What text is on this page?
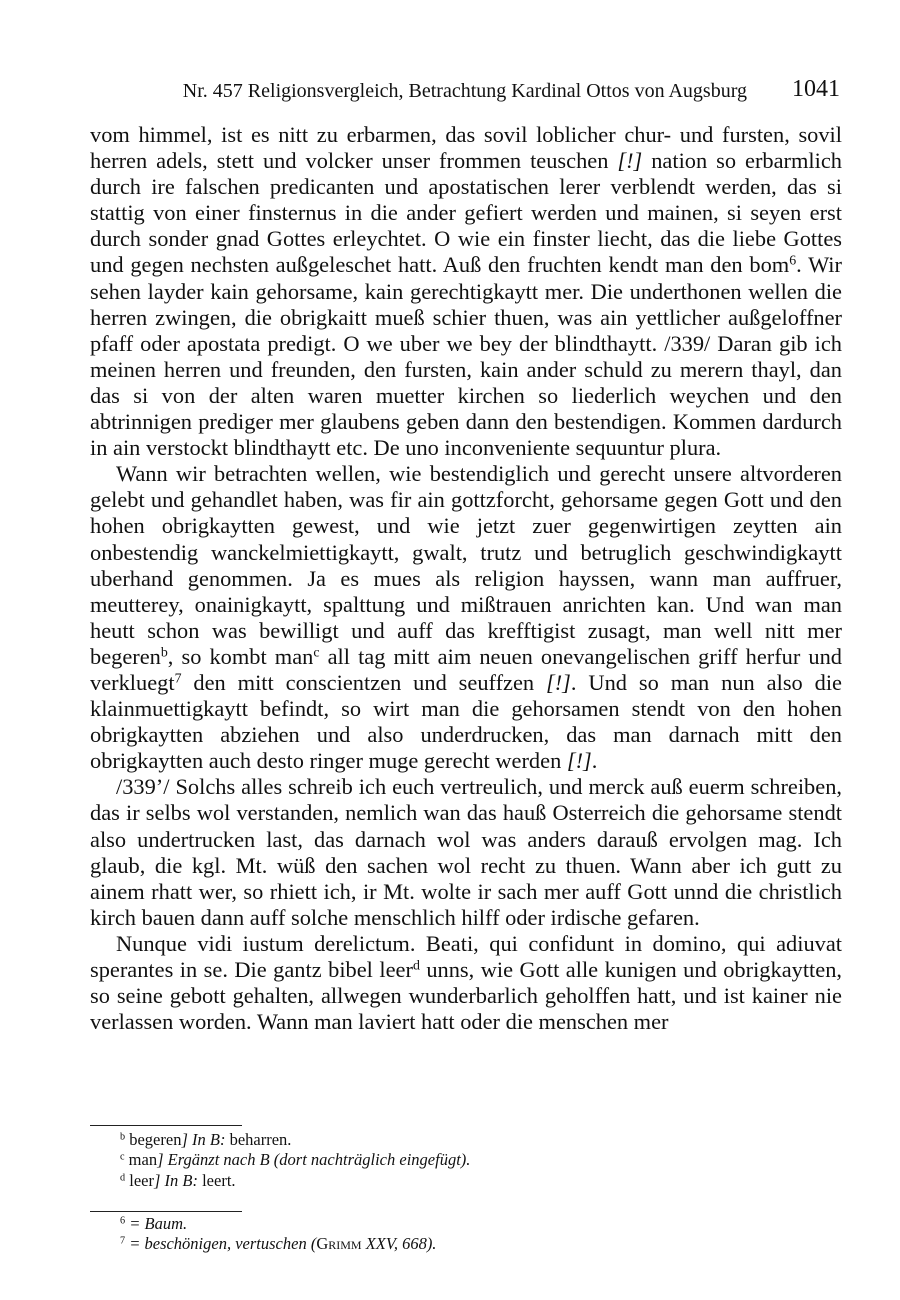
Nr. 457 Religionsvergleich, Betrachtung Kardinal Ottos von Augsburg 1041

vom himmel, ist es nitt zu erbarmen, das sovil loblicher chur- und fursten, sovil herren adels, stett und volcker unser frommen teuschen [!] nation so erbarmlich durch ire falschen predicanten und apostatischen lerer verblendt werden, das si stattig von einer finsternus in die ander gefiert werden und mainen, si seyen erst durch sonder gnad Gottes erleychtet. O wie ein finster liecht, das die liebe Gottes und gegen nechsten außgeleschet hatt. Auß den fruchten kendt man den bom$^6$. Wir sehen layder kain gehorsame, kain gerechtigkaytt mer. Die underthonen wellen die herren zwingen, die obrigkaitt mueß schier thuen, was ain yettlicher außgeloffner pfaff oder apostata predigt. O we uber we bey der blindthaytt. /339/ Daran gib ich meinen herren und freunden, den fursten, kain ander schuld zu merern thayl, dan das si von der alten waren muetter kirchen so liederlich weychen und den abtrinnigen prediger mer glaubens geben dann den bestendigen. Kommen dardurch in ain verstockt blindthaytt etc. De uno inconveniente sequuntur plura.

Wann wir betrachten wellen, wie bestendiglich und gerecht unsere altvorderen gelebt und gehandlet haben, was fir ain gottzforcht, gehorsame gegen Gott und den hohen obrigkaytten gewest, und wie jetzt zuer gegenwirtigen zeytten ain onbestendig wanckelmiettigkaytt, gwalt, trutz und betruglich geschwindigkaytt uberhand genommen. Ja es mues als religion hayssen, wann man auffruer, meutterey, onainigkaytt, spalttung und mißtrauen anrichten kan. Und wan man heutt schon was bewilligt und auff das krefftigist zusagt, man well nitt mer begeren$^b$, so kombt man$^c$ all tag mitt aim neuen onevangelischen griff herfur und verkluegt$^7$ den mitt conscientzen und seuffzen [!]. Und so man nun also die klainmuettigkaytt befindt, so wirt man die gehorsamen stendt von den hohen obrigkaytten abziehen und also underdrucken, das man darnach mitt den obrigkaytten auch desto ringer muge gerecht werden [!].

/339’/ Solchs alles schreib ich euch vertreulich, und merck auß euerm schreiben, das ir selbs wol verstanden, nemlich wan das hauß Osterreich die gehorsame stendt also undertrucken last, das darnach wol was anders darauß ervolgen mag. Ich glaub, die kgl. Mt. wüß den sachen wol recht zu thuen. Wann aber ich gutt zu ainem rhatt wer, so rhiett ich, ir Mt. wolte ir sach mer auff Gott unnd die christlich kirch bauen dann auff solche menschlich hilff oder irdische gefaren.

Nunque vidi iustum derelictum. Beati, qui confidunt in domino, qui adiuvat sperantes in se. Die gantz bibel leer$^d$ unns, wie Gott alle kunigen und obrigkaytten, so seine gebott gehalten, allwegen wunderbarlich geholffen hatt, und ist kainer nie verlassen worden. Wann man laviert hatt oder die menschen mer

$^b$ begeren] In B: beharren.

$^c$ man] Ergänzt nach B (dort nachträglich eingefügt).

$^d$ leer] In B: leert.

$^6$ = Baum.

$^7$ = beschönigen, vertuschen (Grimm XXV, 668).
